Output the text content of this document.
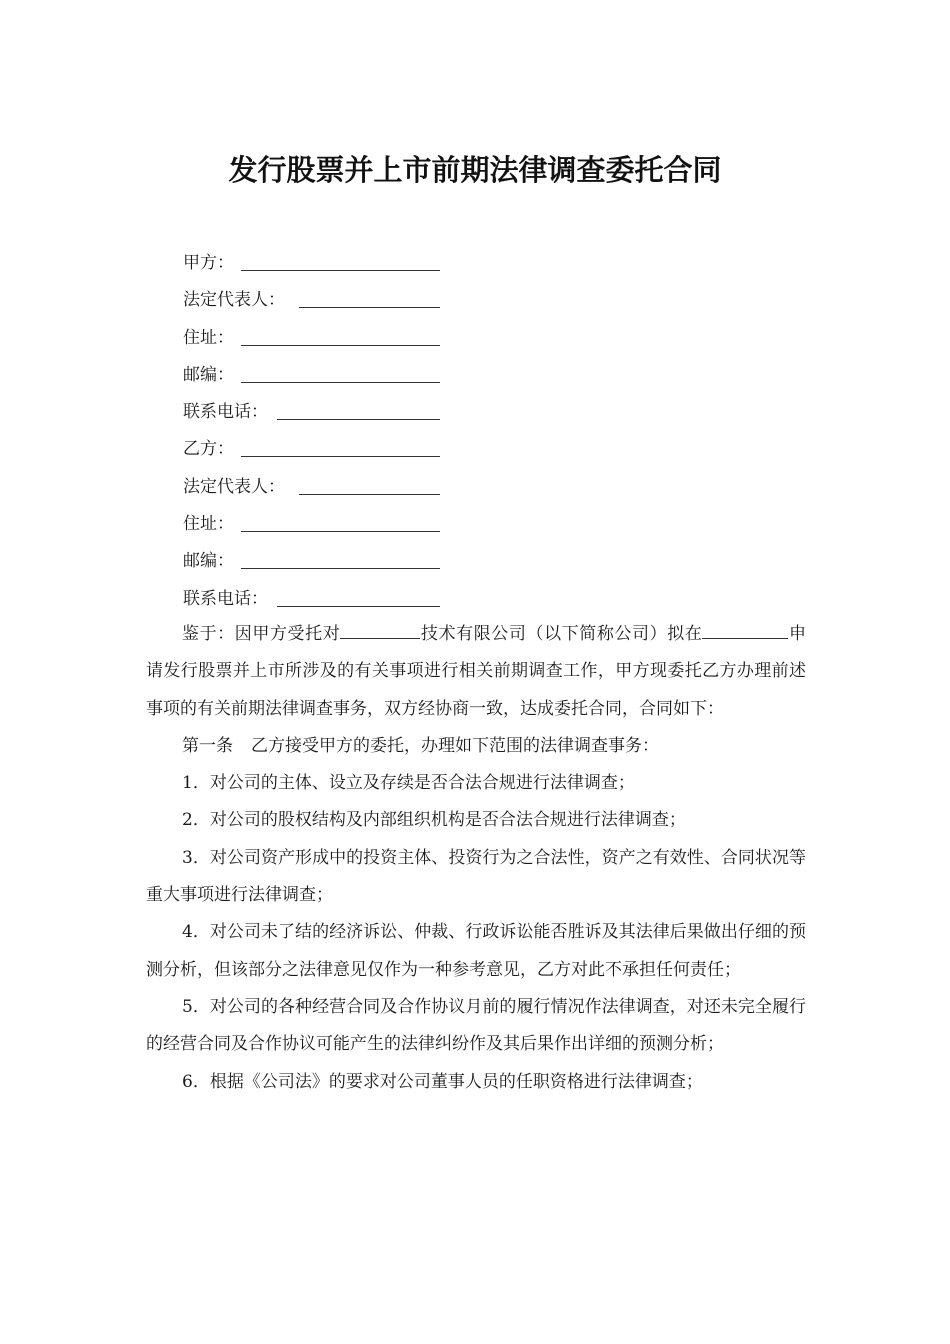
发行股票并上市前期法律调查委托合同
甲方：
法定代表人：
住址：
邮编：
联系电话：
乙方：
法定代表人：
住址：
邮编：
联系电话：

鉴于：因甲方受托对	技术有限公司（以下简称公司）拟在	申请发行股票并上市所涉及的有关事项进行相关前期调查工作，甲方现委托乙方办理前述事项的有关前期法律调查事务，双方经协商一致，达成委托合同，合同如下：

第一条 乙方接受甲方的委托，办理如下范围的法律调查事务：

1．对公司的主体、设立及存续是否合法合规进行法律调查；

2．对公司的股权结构及内部组织机构是否合法合规进行法律调查；

3．对公司资产形成中的投资主体、投资行为之合法性，资产之有效性、合同状况等重大事项进行法律调查；

4．对公司未了结的经济诉讼、仲裁、行政诉讼能否胜诉及其法律后果做出仔细的预测分析，但该部分之法律意见仅作为一种参考意见，乙方对此不承担任何责任；

5．对公司的各种经营合同及合作协议月前的履行情况作法律调查，对还未完全履行的经营合同及合作协议可能产生的法律纠纷作及其后果作出详细的预测分析；

6．根据《公司法》的要求对公司董事人员的任职资格进行法律调查；
